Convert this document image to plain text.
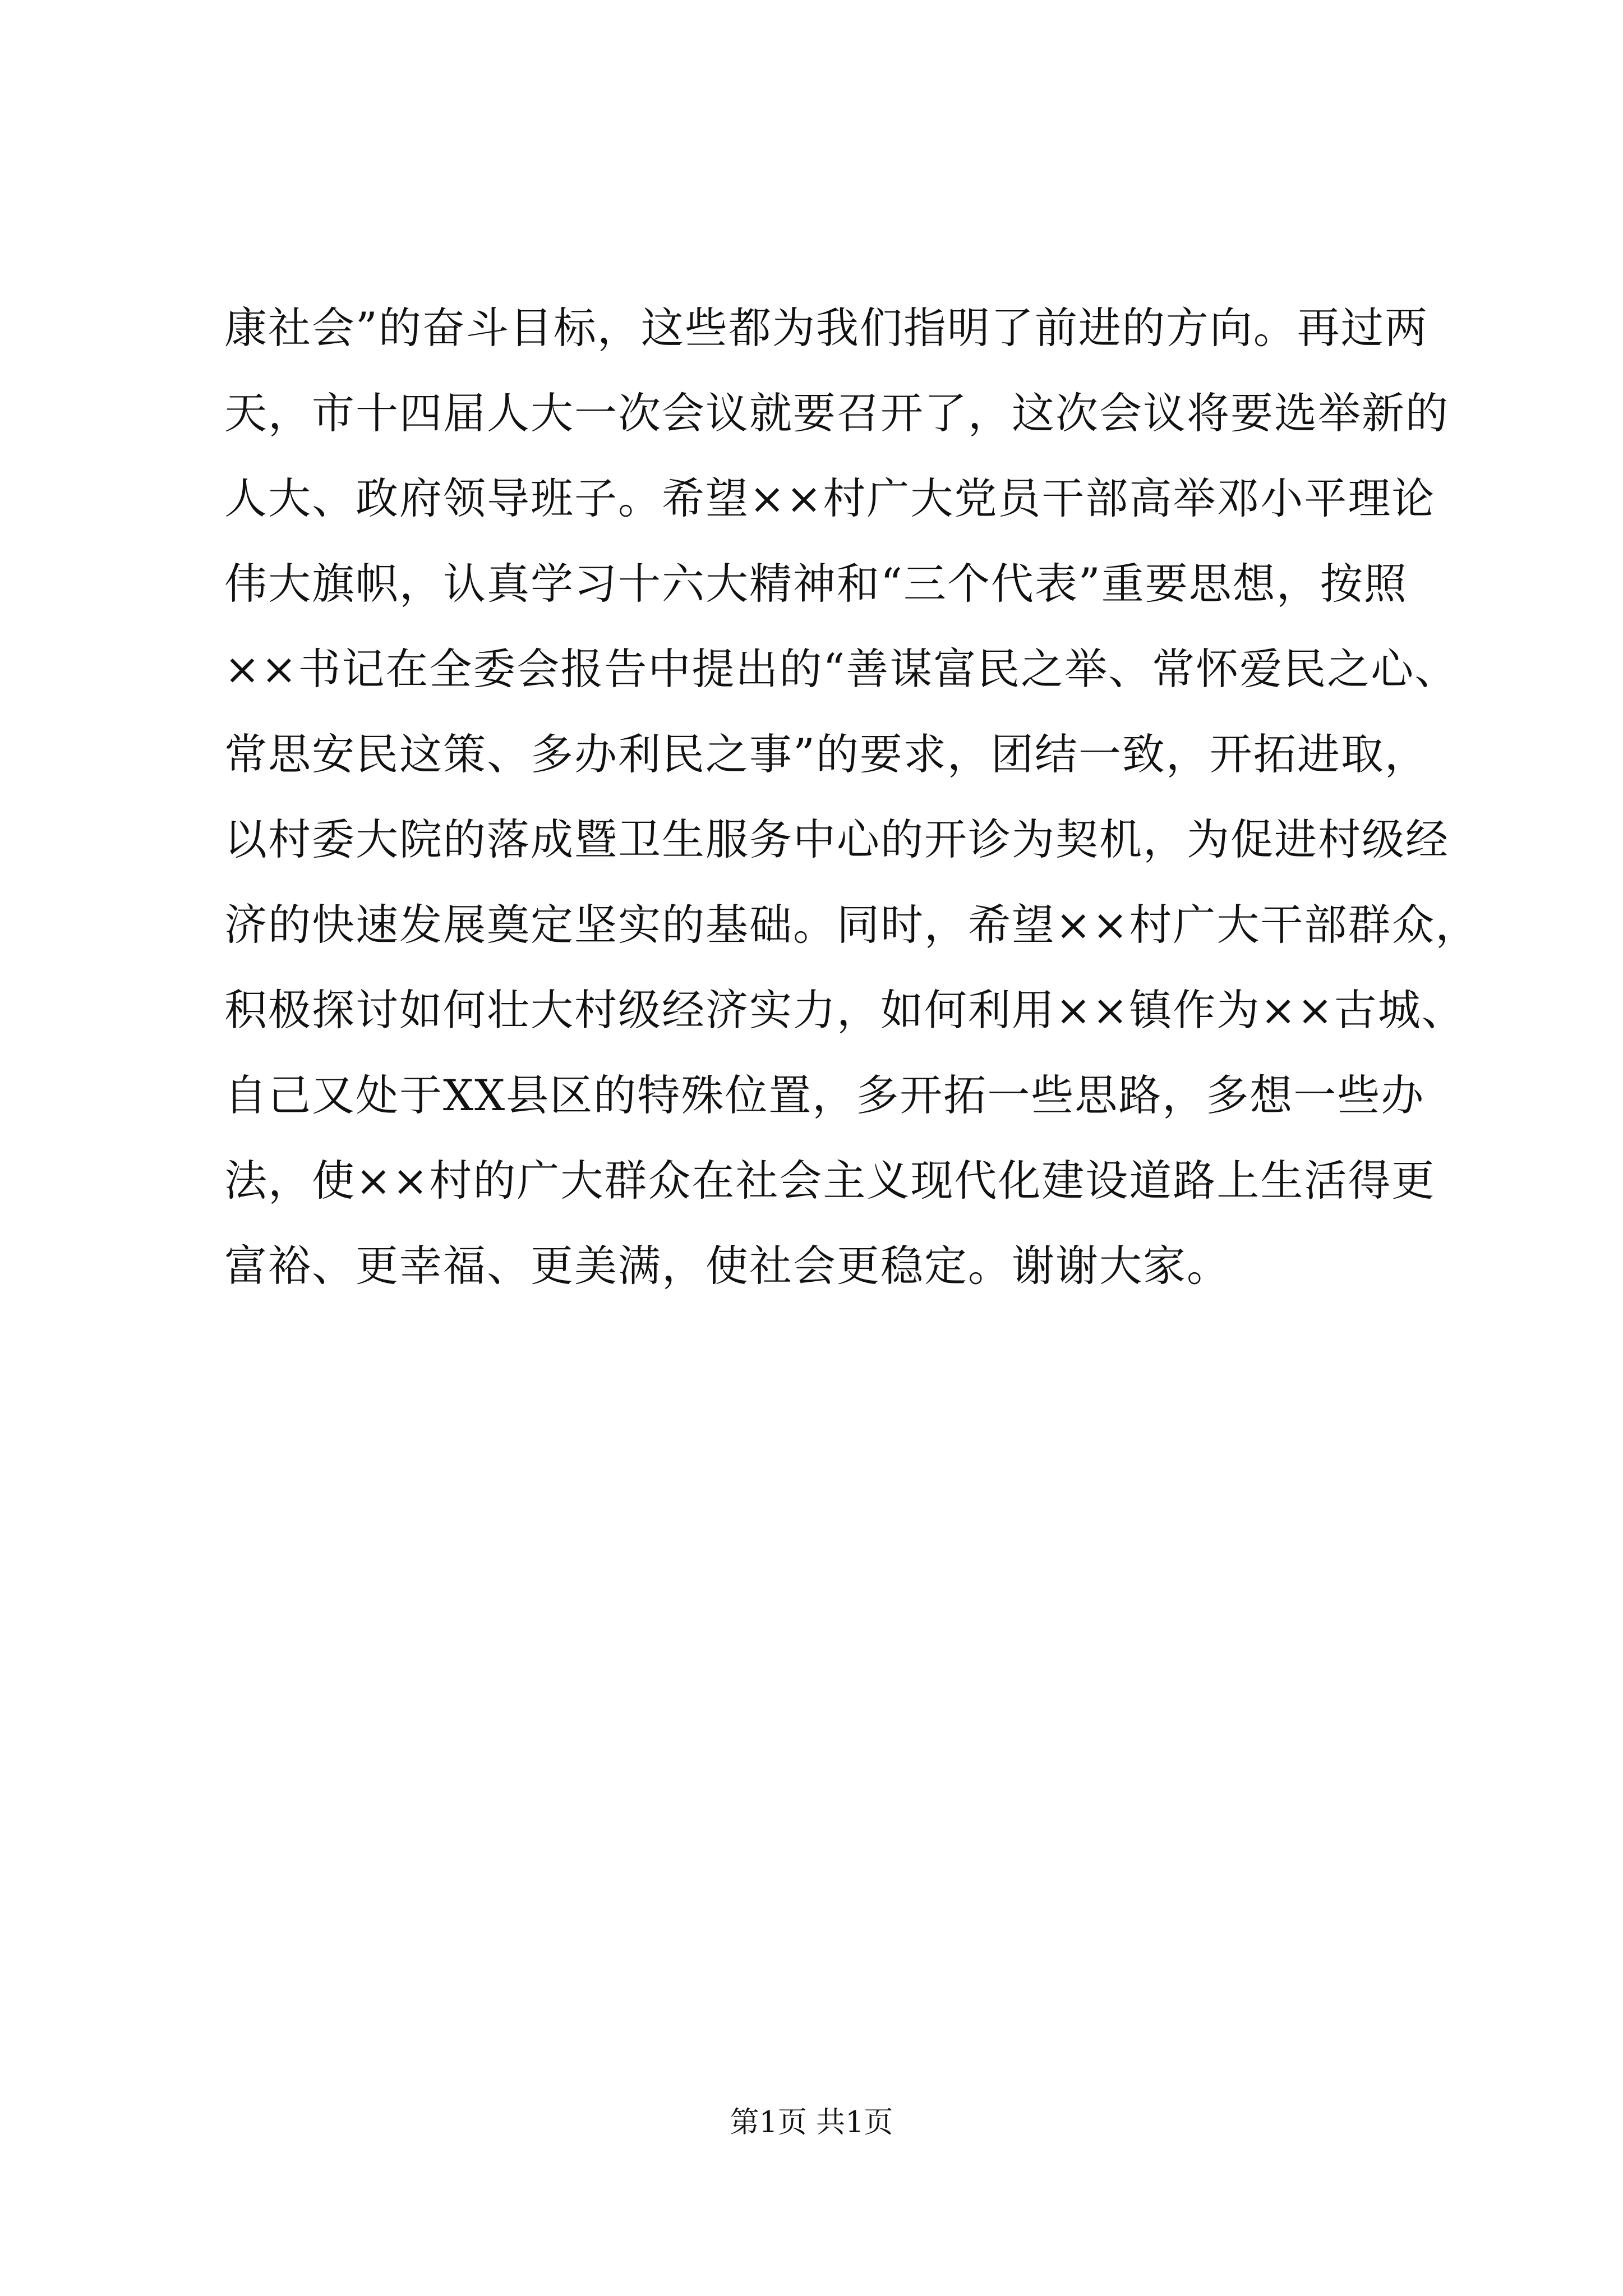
康社会”的奋斗目标，这些都为我们指明了前进的方向。再过两
天，市十四届人大一次会议就要召开了，这次会议将要选举新的
人大、政府领导班子。希望××村广大党员干部高举邓小平理论
伟大旗帜，认真学习十六大精神和“三个代表”重要思想，按照
××书记在全委会报告中提出的“善谋富民之举、常怀爱民之心、
常思安民这策、多办利民之事”的要求，团结一致，开拓进取，
以村委大院的落成暨卫生服务中心的开诊为契机，为促进村级经
济的快速发展奠定坚实的基础。同时，希望××村广大干部群众，
积极探讨如何壮大村级经济实力，如何利用××镇作为××古城、
自己又处于XX县区的特殊位置，多开拓一些思路，多想一些办
法，使××村的广大群众在社会主义现代化建设道路上生活得更
富裕、更幸福、更美满，使社会更稳定。谢谢大家。
第1页 共1页
